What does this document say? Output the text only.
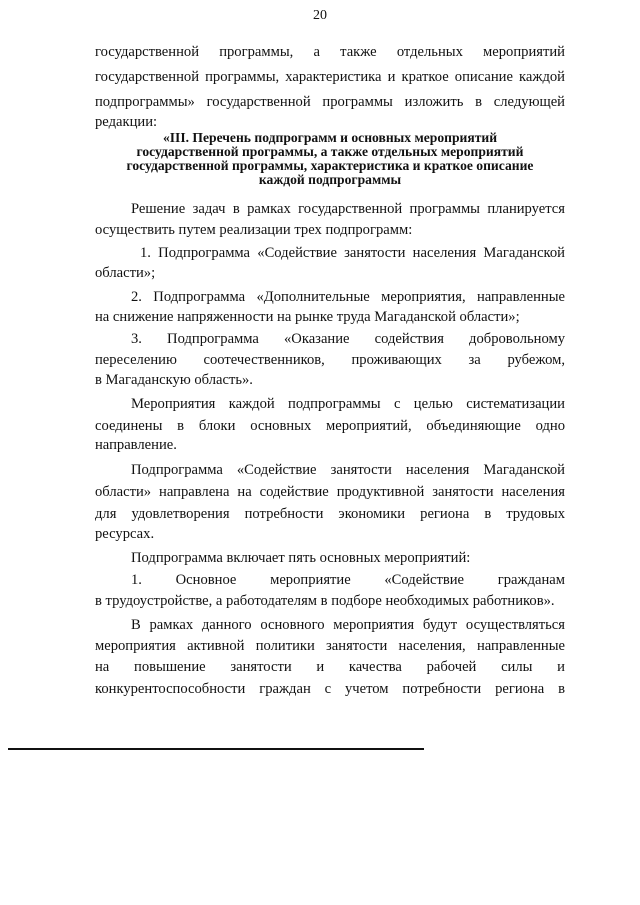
20
государственной программы, а также отдельных мероприятий
государственной программы, характеристика и краткое описание каждой
подпрограммы» государственной программы изложить в следующей
редакции:
«III. Перечень подпрограмм и основных мероприятий
государственной программы, а также отдельных мероприятий
государственной программы, характеристика и краткое описание
каждой подпрограммы
Решение задач в рамках государственной программы планируется
осуществить путем реализации трех подпрограмм:
1. Подпрограмма «Содействие занятости населения Магаданской
области»;
2. Подпрограмма «Дополнительные мероприятия, направленные
на снижение напряженности на рынке труда Магаданской области»;
3. Подпрограмма «Оказание содействия добровольному
переселению соотечественников, проживающих за рубежом,
в Магаданскую область».
Мероприятия каждой подпрограммы с целью систематизации
соединены в блоки основных мероприятий, объединяющие одно
направление.
Подпрограмма «Содействие занятости населения Магаданской
области» направлена на содействие продуктивной занятости населения
для удовлетворения потребности экономики региона в трудовых
ресурсах.
Подпрограмма включает пять основных мероприятий:
1. Основное мероприятие «Содействие гражданам
в трудоустройстве, а работодателям в подборе необходимых работников».
В рамках данного основного мероприятия будут осуществляться
мероприятия активной политики занятости населения, направленные
на повышение занятости и качества рабочей силы и
конкурентоспособности граждан с учетом потребности региона в
